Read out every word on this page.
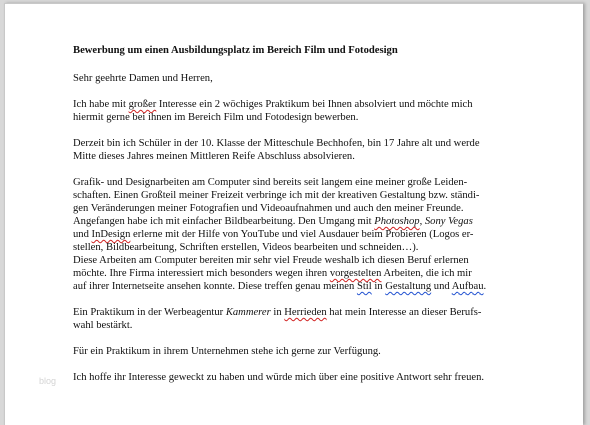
Bewerbung um einen Ausbildungsplatz im Bereich Film und Fotodesign

Sehr geehrte Damen und Herren,

Ich habe mit großer Interesse ein 2 wöchiges Praktikum bei Ihnen absolviert und möchte mich
hiermit gerne bei ihnen im Bereich Film und Fotodesign bewerben.

Derzeit bin ich Schüler in der 10. Klasse der Mitteschule Bechhofen, bin 17 Jahre alt und werde
Mitte dieses Jahres meinen Mittleren Reife Abschluss absolvieren.

Grafik- und Designarbeiten am Computer sind bereits seit langem eine meiner große Leiden-
schaften. Einen Großteil meiner Freizeit verbringe ich mit der kreativen Gestaltung bzw. ständi-
gen Veränderungen meiner Fotografien und Videoaufnahmen und auch den meiner Freunde.
Angefangen habe ich mit einfacher Bildbearbeitung. Den Umgang mit Photoshop, Sony Vegas
und InDesign erlerne mit der Hilfe von YouTube und viel Ausdauer beim Probieren (Logos er-
stellen, Bildbearbeitung, Schriften erstellen, Videos bearbeiten und schneiden…).
Diese Arbeiten am Computer bereiten mir sehr viel Freude weshalb ich diesen Beruf erlernen
möchte. Ihre Firma interessiert mich besonders wegen ihren vorgestelten Arbeiten, die ich mir
auf ihrer Internetseite ansehen konnte. Diese treffen genau meinen Stil in Gestaltung und Aufbau.

Ein Praktikum in der Werbeagentur Kammerer in Herrieden hat mein Interesse an dieser Berufs-
wahl bestärkt.

Für ein Praktikum in ihrem Unternehmen stehe ich gerne zur Verfügung.

Ich hoffe ihr Interesse geweckt zu haben und würde mich über eine positive Antwort sehr freuen.

blog
